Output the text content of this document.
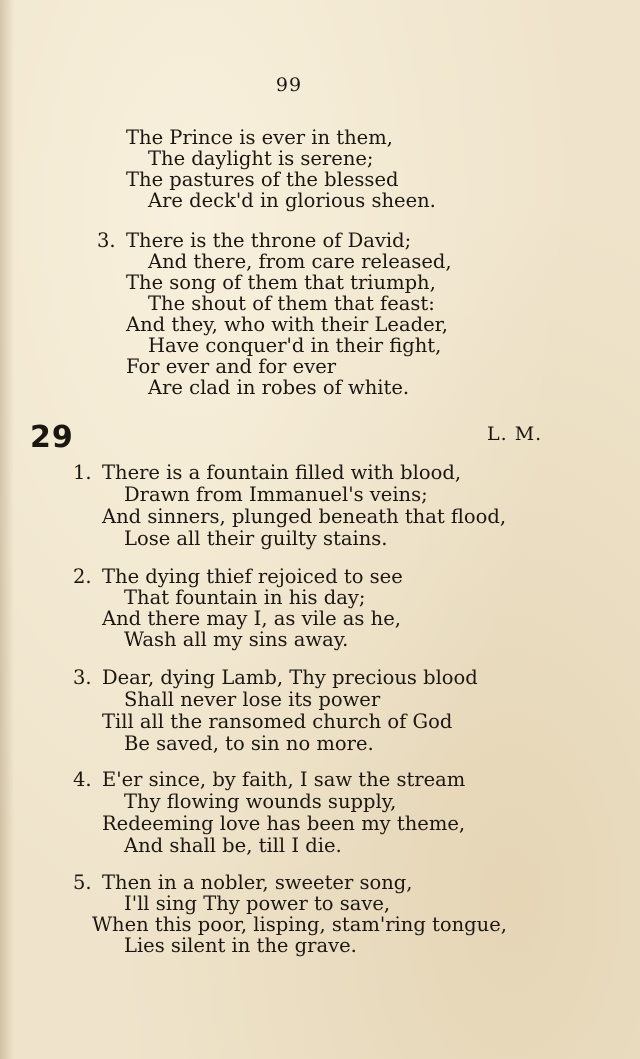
99
The Prince is ever in them,
The daylight is serene;
The pastures of the blessed
Are deck'd in glorious sheen.
3. There is the throne of David;
And there, from care released,
The song of them that triumph,
The shout of them that feast:
And they, who with their Leader,
Have conquer'd in their fight,
For ever and for ever
Are clad in robes of white.
29	L. M.
1. There is a fountain filled with blood,
Drawn from Immanuel's veins;
And sinners, plunged beneath that flood,
Lose all their guilty stains.
2. The dying thief rejoiced to see
That fountain in his day;
And there may I, as vile as he,
Wash all my sins away.
3. Dear, dying Lamb, Thy precious blood
Shall never lose its power
Till all the ransomed church of God
Be saved, to sin no more.
4. E'er since, by faith, I saw the stream
Thy flowing wounds supply,
Redeeming love has been my theme,
And shall be, till I die.
5. Then in a nobler, sweeter song,
I'll sing Thy power to save,
When this poor, lisping, stam'ring tongue,
Lies silent in the grave.
